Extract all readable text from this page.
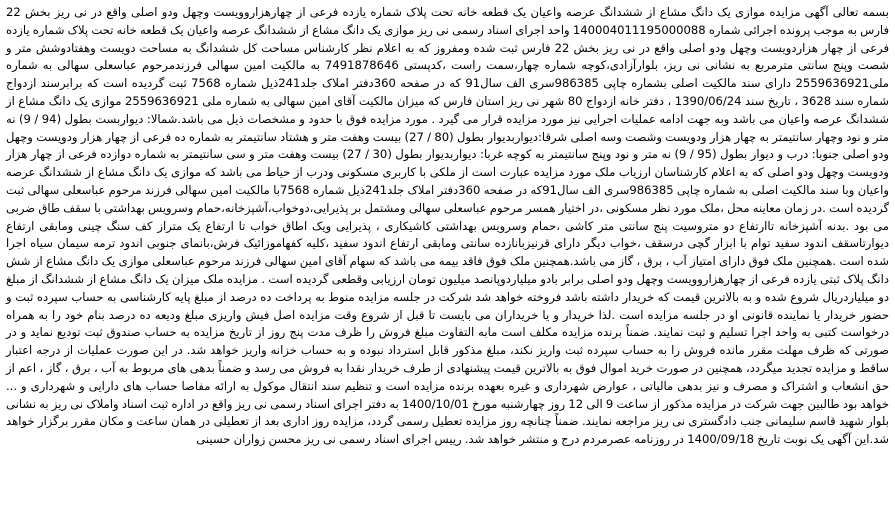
بسمه تعالی آگهی مزایده موازی یک دانگ مشاع از ششدانگ عرصه واعیان یک قطعه خانه تحت پلاک شماره یازده فرعی از چهارهزاروویست وچهل ودو اصلی واقع در نی ریز بخش 22 فارس به موجب پرونده اجرائی شماره 140004011195000088 واحد اجرای اسناد رسمی نی ریز موازی یک دانگ مشاع از ششدانگ عرصه واعیان یک قطعه خانه تحت پلاک شماره یازده فرعی از چهار هزاردویست وچهل ودو اصلی واقع در نی ریز بخش 22 فارس ثبت شده ومفروز که به اعلام نظر کارشناس مساحت کل ششدانگ به مساحت دویست وهفتادوشش متر و شصت وپنج سانتی مترمربع به نشانی نی ریز، بلوارآزادی،کوچه شماره چهار،سمت راست ،کدپستی 7491878646 به مالکیت امین سهالی فرزندمرحوم عباسعلی سهالی به شماره ملی2559636921 دارای سند مالکیت اصلی بشماره چاپی 986385سری الف سال91 که در صفحه 360دفتر املاک جلد241ذیل شماره 7568 ثبت گردیده است که برابرسند ازدواج شماره سند 3628 ، تاریخ سند 1390/06/24 ، دفتر خانه ازدواج 80 شهر نی ریز استان فارس که میزان مالکیت آقای امین سهالی به شماره ملی 2559636921 موازی یک دانگ مشاع از ششدانگ عرصه واعیان می باشد وبه جهت ادامه عملیات اجرایی نیز مورد مزایده قرار می گیرد . مورد مزایده فوق با حدود و مشخصات ذیل می باشد.شمالا: دیواربست بطول (94 / 9) نه متر و نود وچهار سانتیمتر به چهار هزار ودویست وشصت وسه اصلی شرقا:دیواربدیوار بطول (80 / 27) بیست وهفت متر و هشتاد سانتیمتر به شماره ده فرعی از چهار هزار ودویست وچهل ودو اصلی جنوبا: درب و دیوار بطول (95 / 9) نه متر و نود وپنج سانتیمتر به کوچه غربا: دیواربدیوار بطول (30 / 27) بیست وهفت متر و سی سانتیمتر به شماره دوازده فرعی از چهار هزار ودویست وچهل ودو اصلی که به اعلام کارشناسان ارزیاب ملک مورد مزایده عبارت است از ملکی با کاربری مسکونی ودرب از حیاط می باشد که موازی یک دانگ مشاع از ششدانگ عرصه واعیان وبا سند مالکیت اصلی به شماره چاپی 986385سری الف سال91که در صفحه 360دفتر املاک جلد241ذیل شماره 7568با مالکیت امین سهالی فرزند مرحوم عباسعلی سهالی ثبت گردیده است .در زمان معاینه محل ،ملک مورد نظر مسکونی ،در اختیار همسر مرحوم عباسعلی سهالی ومشتمل بر پذیرایی،دوخواب،آشپزخانه،حمام وسرویس بهداشتی با سقف طاق ضربی می بود .بدنه آشپزخانه تاارتفاع دو متروسیت پنج سانتی متر کاشی ،حمام وسرویس بهداشتی کاشیکاری ، پذیرایی ویک اطاق خواب تا ارتفاع یک متراز کف سنگ چینی ومابقی ارتفاع دیوارتاسقف اندود سفید توام با ابزار گچی درسقف ،خواب دیگر دارای قرنیزبانازده سانتی ومابقی ارتفاع اندود سفید ،کلیه کفهاموزائیک فرش،بانمای جنوبی اندود ترمه سیمان سیاه اجرا شده است .همچنین ملک فوق دارای امتیاز آب ، برق ، گاز می باشد.همچنین ملک فوق فاقد بیمه می باشد که سهام آقای امین سهالی فرزند مرحوم عباسعلی موازی یک دانگ مشاع از شش دانگ پلاک ثبتی یازده فرعی از چهارهزاروویست وچهل ودو اصلی برابر بادو میلیاردوپانصد میلیون تومان ارزیابی وقطعی گردیده است . مزایده ملک میزان یک دانگ مشاع از ششدانگ از مبلغ دو میلیاردریال شروع شده و به بالاترین قیمت که خریدار داشته باشد فروخته خواهد شد شرکت در جلسه مزایده منوط به پرداخت ده درصد از مبلغ پایه کارشناسی به حساب سپرده ثبت و حضور خریدار یا نماینده قانونی او در جلسه مزایده است .لذا خریدار و یا خریداران می بایست تا قبل از شروع وقت مزایده اصل فیش واریزی مبلغ ودیعه ده درصد بنام خود را به همراه درخواست کتبی به واحد اجرا تسلیم و ثبت نمایند. ضمناً برنده مزایده مکلف است مابه التفاوت مبلغ فروش را ظرف مدت پنج روز از تاریخ مزایده به حساب صندوق ثبت تودیع نماید و در صورتی که ظرف مهلت مقرر مانده فروش را به حساب سپرده ثبت واریز نکند، مبلغ مذکور قابل استرداد نبوده و به حساب خزانه واریز خواهد شد. در این صورت عملیات از درجه اعتبار ساقط و مزایده تجدید میگردد، همچنین در صورت خرید اموال فوق به بالاترین قیمت پیشنهادی از طرف خریدار نقدا به فروش می رسد و ضمناً بدهی های مربوط به آب ، برق ، گاز ، اعم از حق انشعاب و اشتراک و مصرف و نیز بدهی مالیاتی ، عوارض شهرداری و غیره بعهده برنده مزایده است و تنظیم سند انتقال موکول به ارائه مفاصا حساب های دارایی و شهرداری و ... خواهد بود طالبین جهت شرکت در مزایده مذکور از ساعت 9 الی 12 روز چهارشنبه مورخ 1400/10/01 به دفتر اجرای اسناد رسمی نی ریز واقع در اداره ثبت اسناد واملاک نی ریز به نشانی بلوار شهید قاسم سلیمانی جنب دادگستری نی ریز مراجعه نمایند. ضمناً چنانچه روز مزایده تعطیل رسمی گردد، مزایده روز اداری بعد از تعطیلی در همان ساعت و مکان مقرر برگزار خواهد شد.این آگهی یک نوبت تاریخ 1400/09/18 در روزنامه عصرمردم درج و منتشر خواهد شد. رییس اجرای اسناد رسمی نی ریز محسن زواران حسینی
